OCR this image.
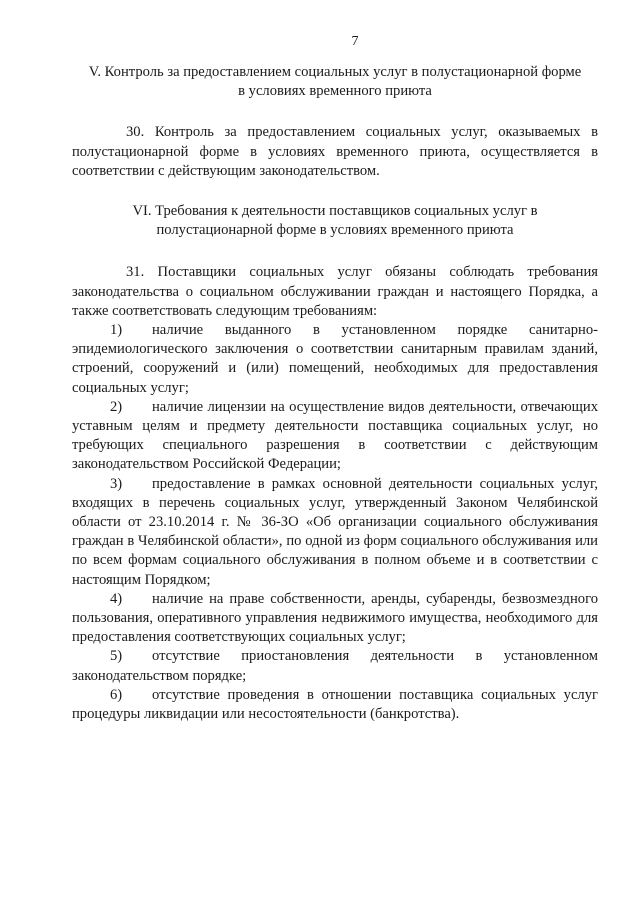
7
V. Контроль за предоставлением социальных услуг в полустационарной форме
в условиях временного приюта

30. Контроль за предоставлением социальных услуг, оказываемых в полустационарной форме в условиях временного приюта, осуществляется в соответствии с действующим законодательством.

VI. Требования к деятельности поставщиков социальных услуг в
полустационарной форме в условиях временного приюта

31. Поставщики социальных услуг обязаны соблюдать требования законодательства о социальном обслуживании граждан и настоящего Порядка, а также соответствовать следующим требованиям:

1) наличие выданного в установленном порядке санитарно-эпидемиологического заключения о соответствии санитарным правилам зданий, строений, сооружений и (или) помещений, необходимых для предоставления социальных услуг;

2) наличие лицензии на осуществление видов деятельности, отвечающих уставным целям и предмету деятельности поставщика социальных услуг, но требующих специального разрешения в соответствии с действующим законодательством Российской Федерации;

3) предоставление в рамках основной деятельности социальных услуг, входящих в перечень социальных услуг, утвержденный Законом Челябинской области от 23.10.2014 г. № 36-ЗО «Об организации социального обслуживания граждан в Челябинской области», по одной из форм социального обслуживания или по всем формам социального обслуживания в полном объеме и в соответствии с настоящим Порядком;

4) наличие на праве собственности, аренды, субаренды, безвозмездного пользования, оперативного управления недвижимого имущества, необходимого для предоставления соответствующих социальных услуг;

5) отсутствие приостановления деятельности в установленном законодательством порядке;

6) отсутствие проведения в отношении поставщика социальных услуг процедуры ликвидации или несостоятельности (банкротства).
